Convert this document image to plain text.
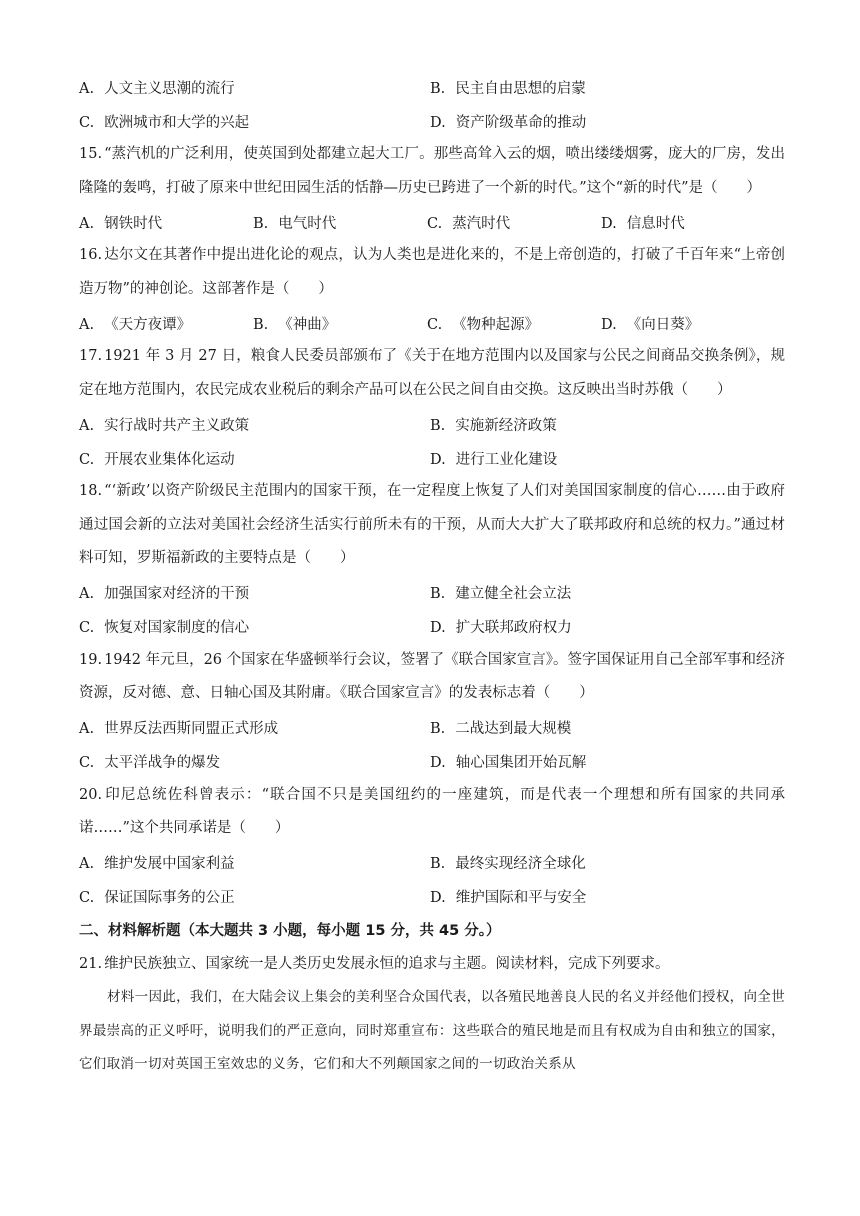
A. 人文主义思潮的流行	B. 民主自由思想的启蒙
C. 欧洲城市和大学的兴起	D. 资产阶级革命的推动
15. “蒸汽机的广泛利用，使英国到处都建立起大工厂。那些高耸入云的烟，喷出缕缕烟雾，庞大的厂房，发出隆隆的轰鸣，打破了原来中世纪田园生活的恬静—历史已跨进了一个新的时代。”这个“新的时代”是（　　）
A. 钢铁时代	B. 电气时代	C. 蒸汽时代	D. 信息时代
16. 达尔文在其著作中提出进化论的观点，认为人类也是进化来的，不是上帝创造的，打破了千百年来“上帝创造万物”的神创论。这部著作是（　　）
A. 《天方夜谭》	B. 《神曲》	C. 《物种起源》	D. 《向日葵》
17. 1921 年 3 月 27 日，粮食人民委员部颁布了《关于在地方范围内以及国家与公民之间商品交换条例》，规定在地方范围内，农民完成农业税后的剩余产品可以在公民之间自由交换。这反映出当时苏俄（　　）
A. 实行战时共产主义政策	B. 实施新经济政策
C. 开展农业集体化运动	D. 进行工业化建设
18. “‘新政’以资产阶级民主范围内的国家干预，在一定程度上恢复了人们对美国国家制度的信心……由于政府通过国会新的立法对美国社会经济生活实行前所未有的干预，从而大大扩大了联邦政府和总统的权力。”通过材料可知，罗斯福新政的主要特点是（　　）
A. 加强国家对经济的干预	B. 建立健全社会立法
C. 恢复对国家制度的信心	D. 扩大联邦政府权力
19. 1942 年元旦，26 个国家在华盛顿举行会议，签署了《联合国家宣言》。签字国保证用自己全部军事和经济资源，反对德、意、日轴心国及其附庸。《联合国家宣言》的发表标志着（　　）
A. 世界反法西斯同盟正式形成	B. 二战达到最大规模
C. 太平洋战争的爆发	D. 轴心国集团开始瓦解
20. 印尼总统佐科曾表示：“联合国不只是美国纽约的一座建筑，而是代表一个理想和所有国家的共同承诺……”这个共同承诺是（　　）
A. 维护发展中国家利益	B. 最终实现经济全球化
C. 保证国际事务的公正	D. 维护国际和平与安全
二、材料解析题（本大题共 3 小题，每小题 15 分，共 45 分。）
21. 维护民族独立、国家统一是人类历史发展永恒的追求与主题。阅读材料，完成下列要求。
材料一因此，我们，在大陆会议上集会的美利坚合众国代表，以各殖民地善良人民的名义并经他们授权，向全世界最崇高的正义呼吁，说明我们的严正意向，同时郑重宣布：这些联合的殖民地是而且有权成为自由和独立的国家，它们取消一切对英国王室效忠的义务，它们和大不列颠国家之间的一切政治关系从
